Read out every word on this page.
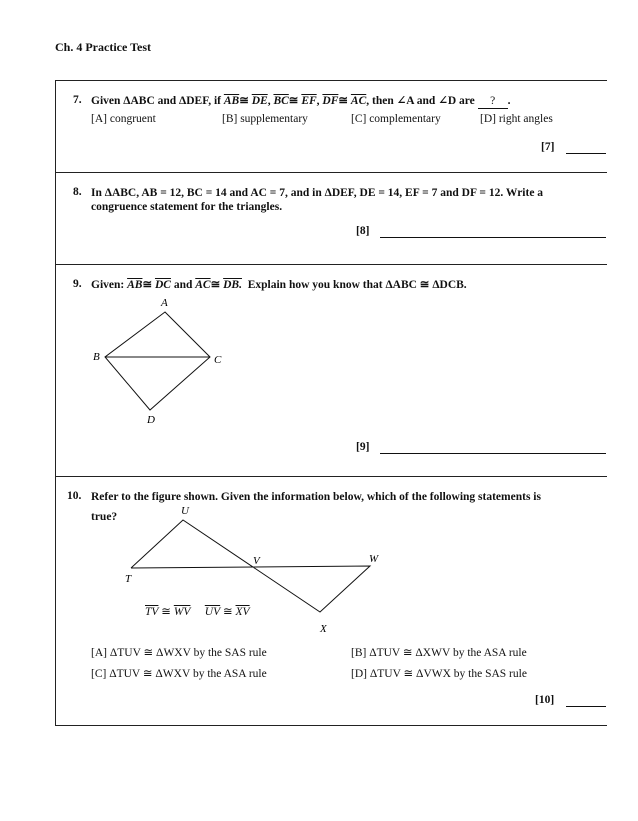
Ch. 4 Practice Test
7. Given ΔABC and ΔDEF, if $\overline{AB}≅$ $\overline{DE}$, $\overline{BC}≅$ $\overline{EF}$, $\overline{DF}≅$ $\overline{AC}$, then ∠A and ∠D are ? .
[A] congruent	[B] supplementary	[C] complementary	[D] right angles
[7]
8. In ΔABC, AB = 12, BC = 14 and AC = 7, and in ΔDEF, DE = 14, EF = 7 and DF = 12. Write a
congruence statement for the triangles.
[8]
9. Given: $\overline{AB}≅$ $\overline{DC}$ and $\overline{AC}≅$ DB. Explain how you know that ΔABC ≅ ΔDCB.
A
B	C
D
[9]
10. Refer to the figure shown. Given the information below, which of the following statements is
true?	U
V	W
T
X
$\overline{TV}$ ≅ $\overline{WV}$ $\overline{UV}$ ≅ $\overline{XV}$
[A] ΔTUV ≅ ΔWXV by the SAS rule	[B] ΔTUV ≅ ΔXWV by the ASA rule
[C] ΔTUV ≅ ΔWXV by the ASA rule	[D] ΔTUV ≅ ΔVWX by the SAS rule
[10]
